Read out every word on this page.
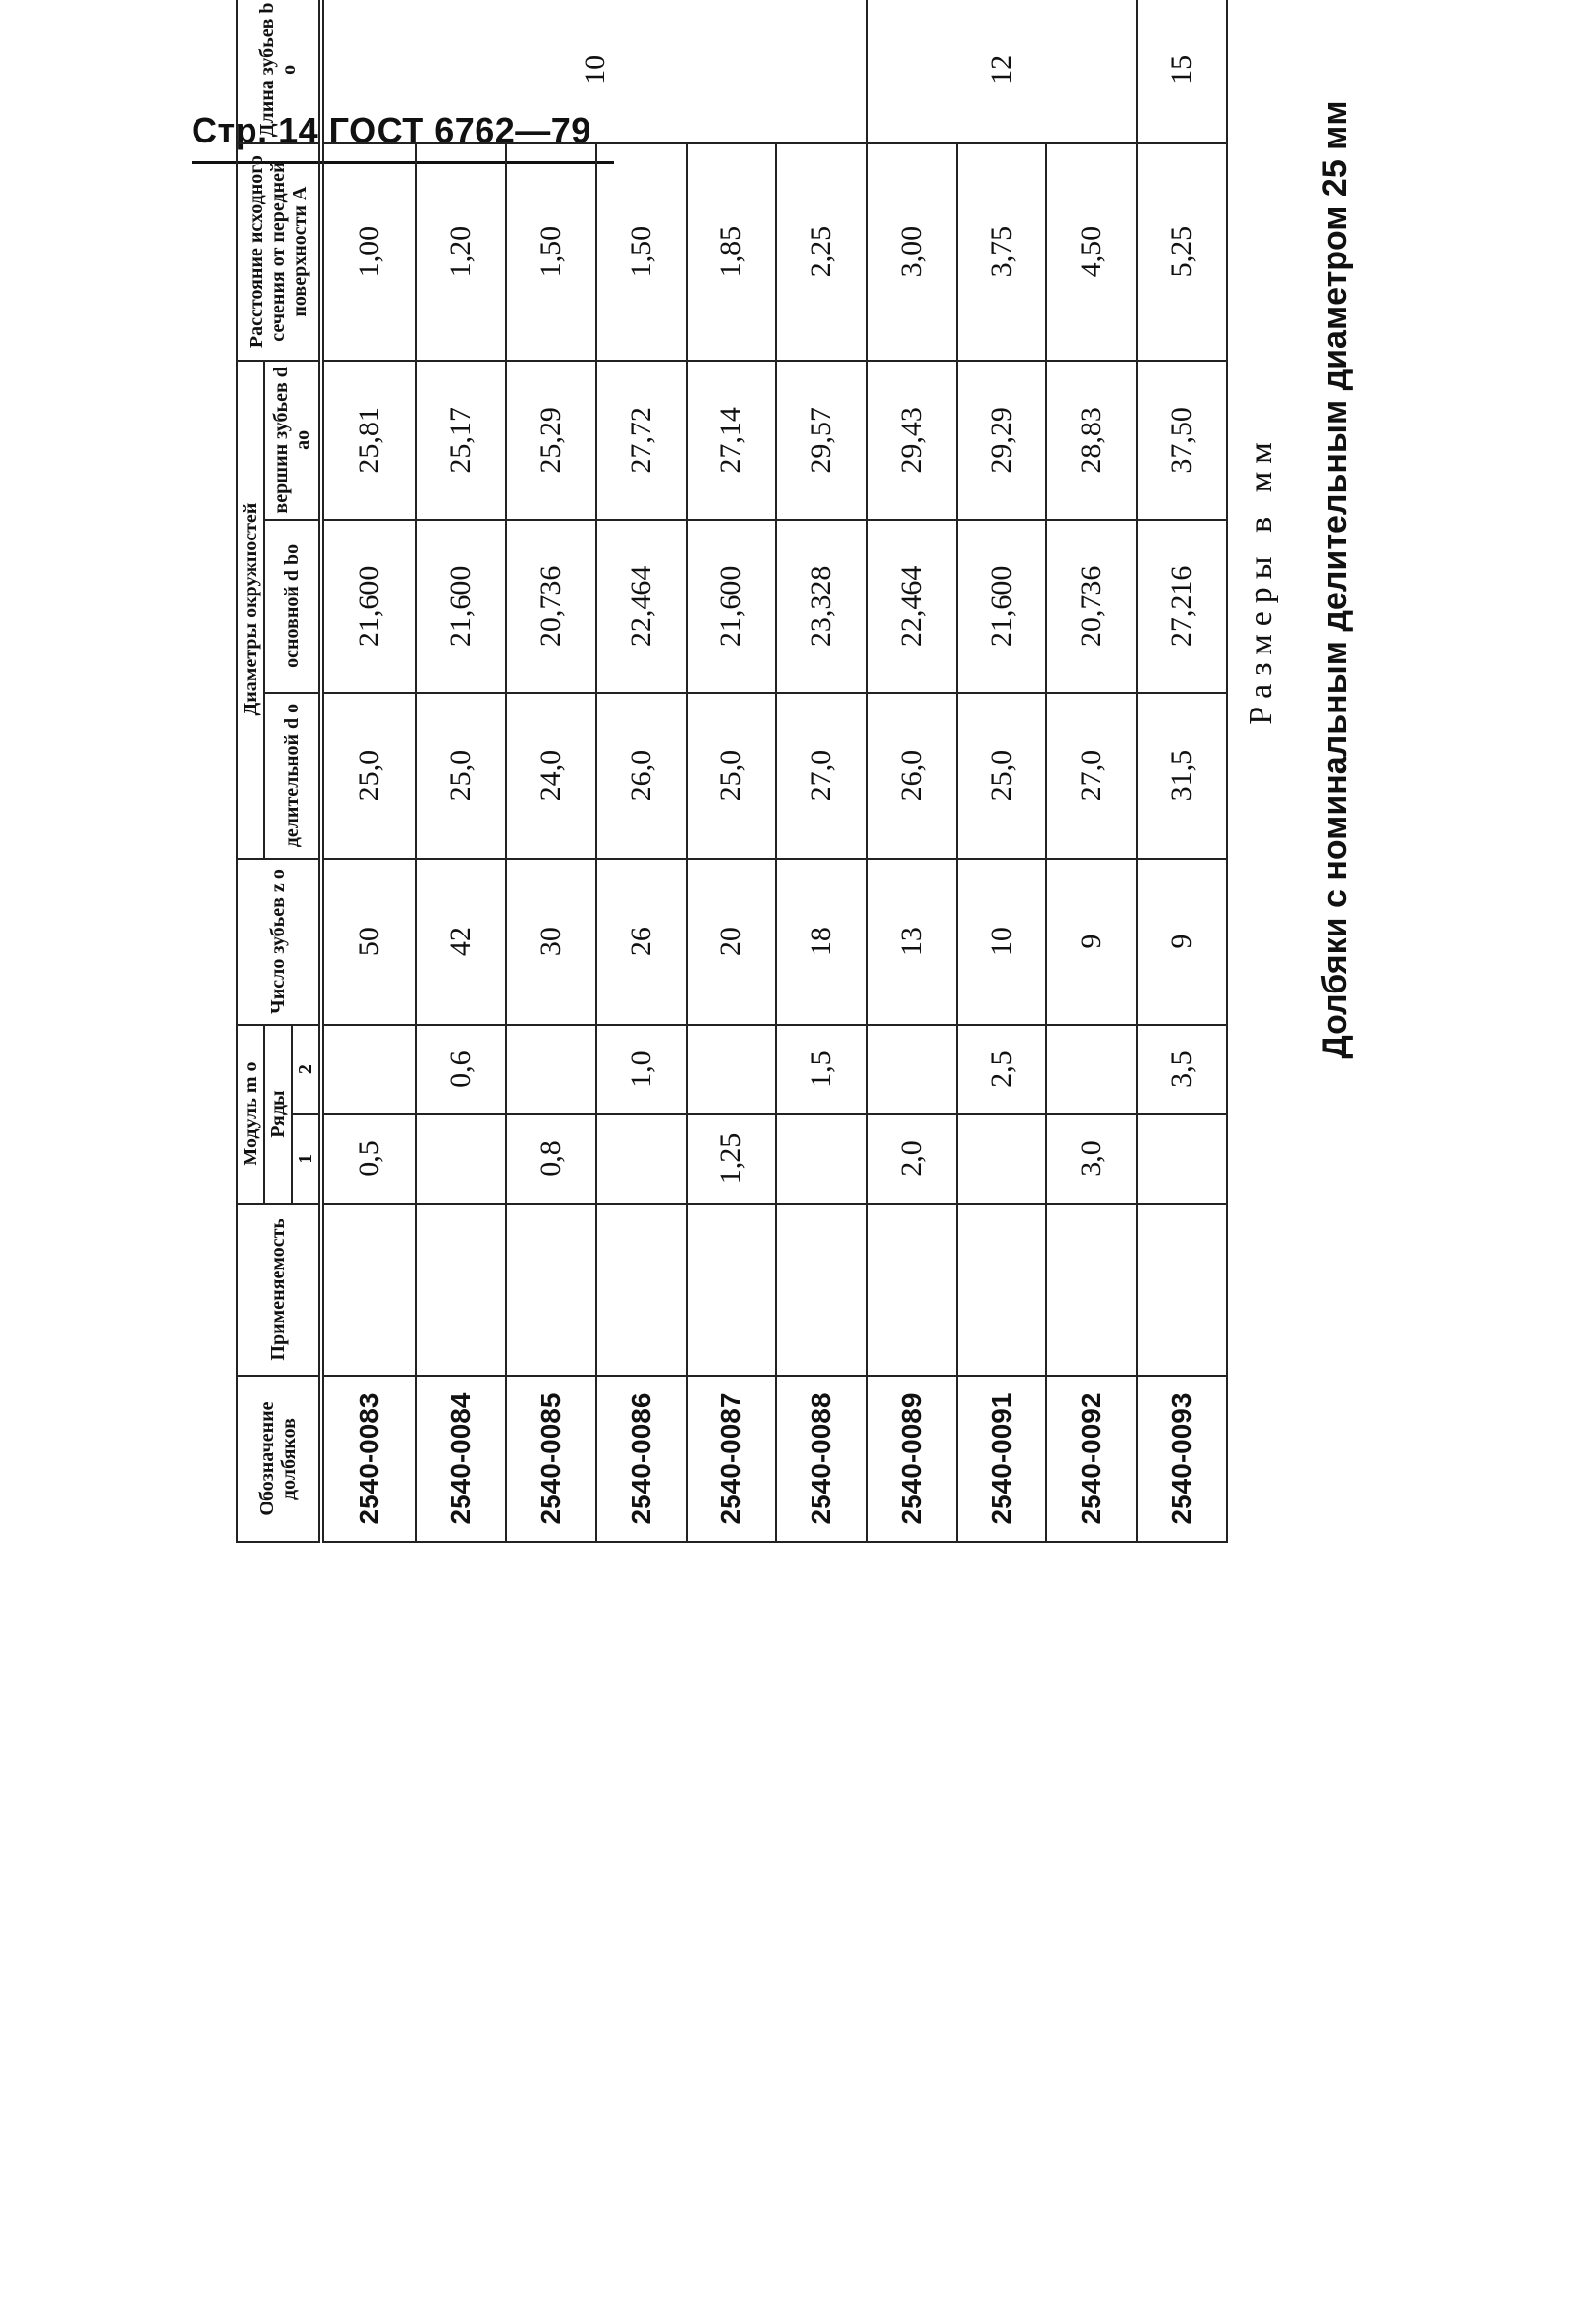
Стр. 14 ГОСТ 6762—79	Долбяки с номинальным делительным диаметром 25 мм
Размеры в мм
Обозначение долбяков	Применяемость	Модуль m o		Число зубьев z o	Диаметры окружностей			Расстояние исходного сечения от передней поверхности A	Длина зубьев b o		
		Ряды			делительной d o	основной d bo	вершин зубьев d ao				
		1	2								
2540-0083		0,5		50	25,0	21,600	25,81	1,00	10		
2540-0084			0,6	42	25,0	21,600	25,17	1,20			
2540-0085		0,8		30	24,0	20,736	25,29	1,50			
2540-0086			1,0	26	26,0	22,464	27,72	1,50			
2540-0087		1,25		20	25,0	21,600	27,14	1,85			
2540-0088			1,5	18	27,0	23,328	29,57	2,25			
2540-0089		2,0		13	26,0	22,464	29,43	3,00	12	
2540-0091			2,5	10	25,0	21,600	29,29	3,75			
2540-0092		3,0		9	27,0	20,736	28,83	4,50			
2540-0093			3,5	9	31,5	27,216	37,50	5,25	15	
